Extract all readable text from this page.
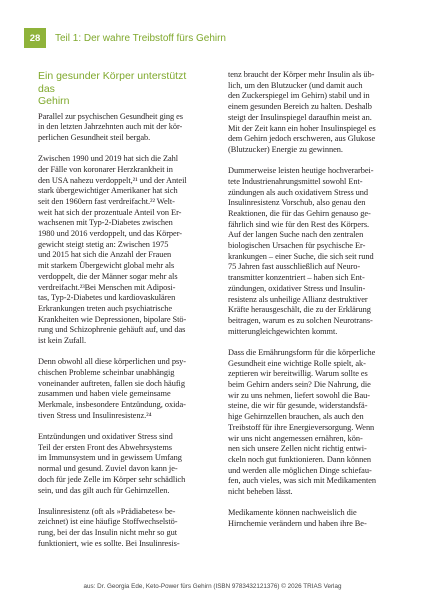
28	Teil 1: Der wahre Treibstoff fürs Gehirn
Ein gesunder Körper unterstützt das
Gehirn

Parallel zur psychischen Gesundheit ging es
in den letzten Jahrzehnten auch mit der kör-
perlichen Gesundheit steil bergab.

Zwischen 1990 und 2019 hat sich die Zahl
der Fälle von koronarer Herzkrankheit in
den USA nahezu verdoppelt,²¹ und der Anteil
stark übergewichtiger Amerikaner hat sich
seit den 1960ern fast verdreifacht.²² Welt-
weit hat sich der prozentuale Anteil von Er-
wachsenen mit Typ-2-Diabetes zwischen
1980 und 2016 verdoppelt, und das Körper-
gewicht steigt stetig an: Zwischen 1975
und 2015 hat sich die Anzahl der Frauen
mit starkem Übergewicht global mehr als
verdoppelt, die der Männer sogar mehr als
verdreifacht.²³Bei Menschen mit Adiposi-
tas, Typ-2-Diabetes und kardiovaskulären
Erkrankungen treten auch psychiatrische
Krankheiten wie Depressionen, bipolare Stö-
rung und Schizophrenie gehäuft auf, und das
ist kein Zufall.

Denn obwohl all diese körperlichen und psy-
chischen Probleme scheinbar unabhängig
voneinander auftreten, fallen sie doch häufig
zusammen und haben viele gemeinsame
Merkmale, insbesondere Entzündung, oxida-
tiven Stress und Insulinresistenz.²⁴

Entzündungen und oxidativer Stress sind
Teil der ersten Front des Abwehrsystems
im Immunsystem und in gewissem Umfang
normal und gesund. Zuviel davon kann je-
doch für jede Zelle im Körper sehr schädlich
sein, und das gilt auch für Gehirnzellen.

Insulinresistenz (oft als »Prädiabetes« be-
zeichnet) ist eine häufige Stoffwechselstö-
rung, bei der das Insulin nicht mehr so gut
funktioniert, wie es sollte. Bei Insulinresis-

tenz braucht der Körper mehr Insulin als üb-
lich, um den Blutzucker (und damit auch
den Zuckerspiegel im Gehirn) stabil und in
einem gesunden Bereich zu halten. Deshalb
steigt der Insulinspiegel daraufhin meist an.
Mit der Zeit kann ein hoher Insulinspiegel es
dem Gehirn jedoch erschweren, aus Glukose
(Blutzucker) Energie zu gewinnen.

Dummerweise leisten heutige hochverarbei-
tete Industrienahrungsmittel sowohl Ent-
zündungen als auch oxidativem Stress und
Insulinresistenz Vorschub, also genau den
Reaktionen, die für das Gehirn genauso ge-
fährlich sind wie für den Rest des Körpers.
Auf der langen Suche nach den zentralen
biologischen Ursachen für psychische Er-
krankungen – einer Suche, die sich seit rund
75 Jahren fast ausschließlich auf Neuro-
transmitter konzentriert – haben sich Ent-
zündungen, oxidativer Stress und Insulin-
resistenz als unheilige Allianz destruktiver
Kräfte herausgeschält, die zu der Erklärung
beitragen, warum es zu solchen Neurotrans-
mitterungleichgewichten kommt.

Dass die Ernährungsform für die körperliche
Gesundheit eine wichtige Rolle spielt, ak-
zeptieren wir bereitwillig. Warum sollte es
beim Gehirn anders sein? Die Nahrung, die
wir zu uns nehmen, liefert sowohl die Bau-
steine, die wir für gesunde, widerstandsfä-
hige Gehirnzellen brauchen, als auch den
Treibstoff für ihre Energieversorgung. Wenn
wir uns nicht angemessen ernähren, kön-
nen sich unsere Zellen nicht richtig entwi-
ckeln noch gut funktionieren. Dann können
und werden alle möglichen Dinge schiefau-
fen, auch vieles, was sich mit Medikamenten
nicht beheben lässt.

Medikamente können nachweislich die
Hirnchemie verändern und haben ihre Be-

aus: Dr. Georgia Ede, Keto-Power fürs Gehirn (ISBN 9783432121376) © 2026 TRIAS Verlag
